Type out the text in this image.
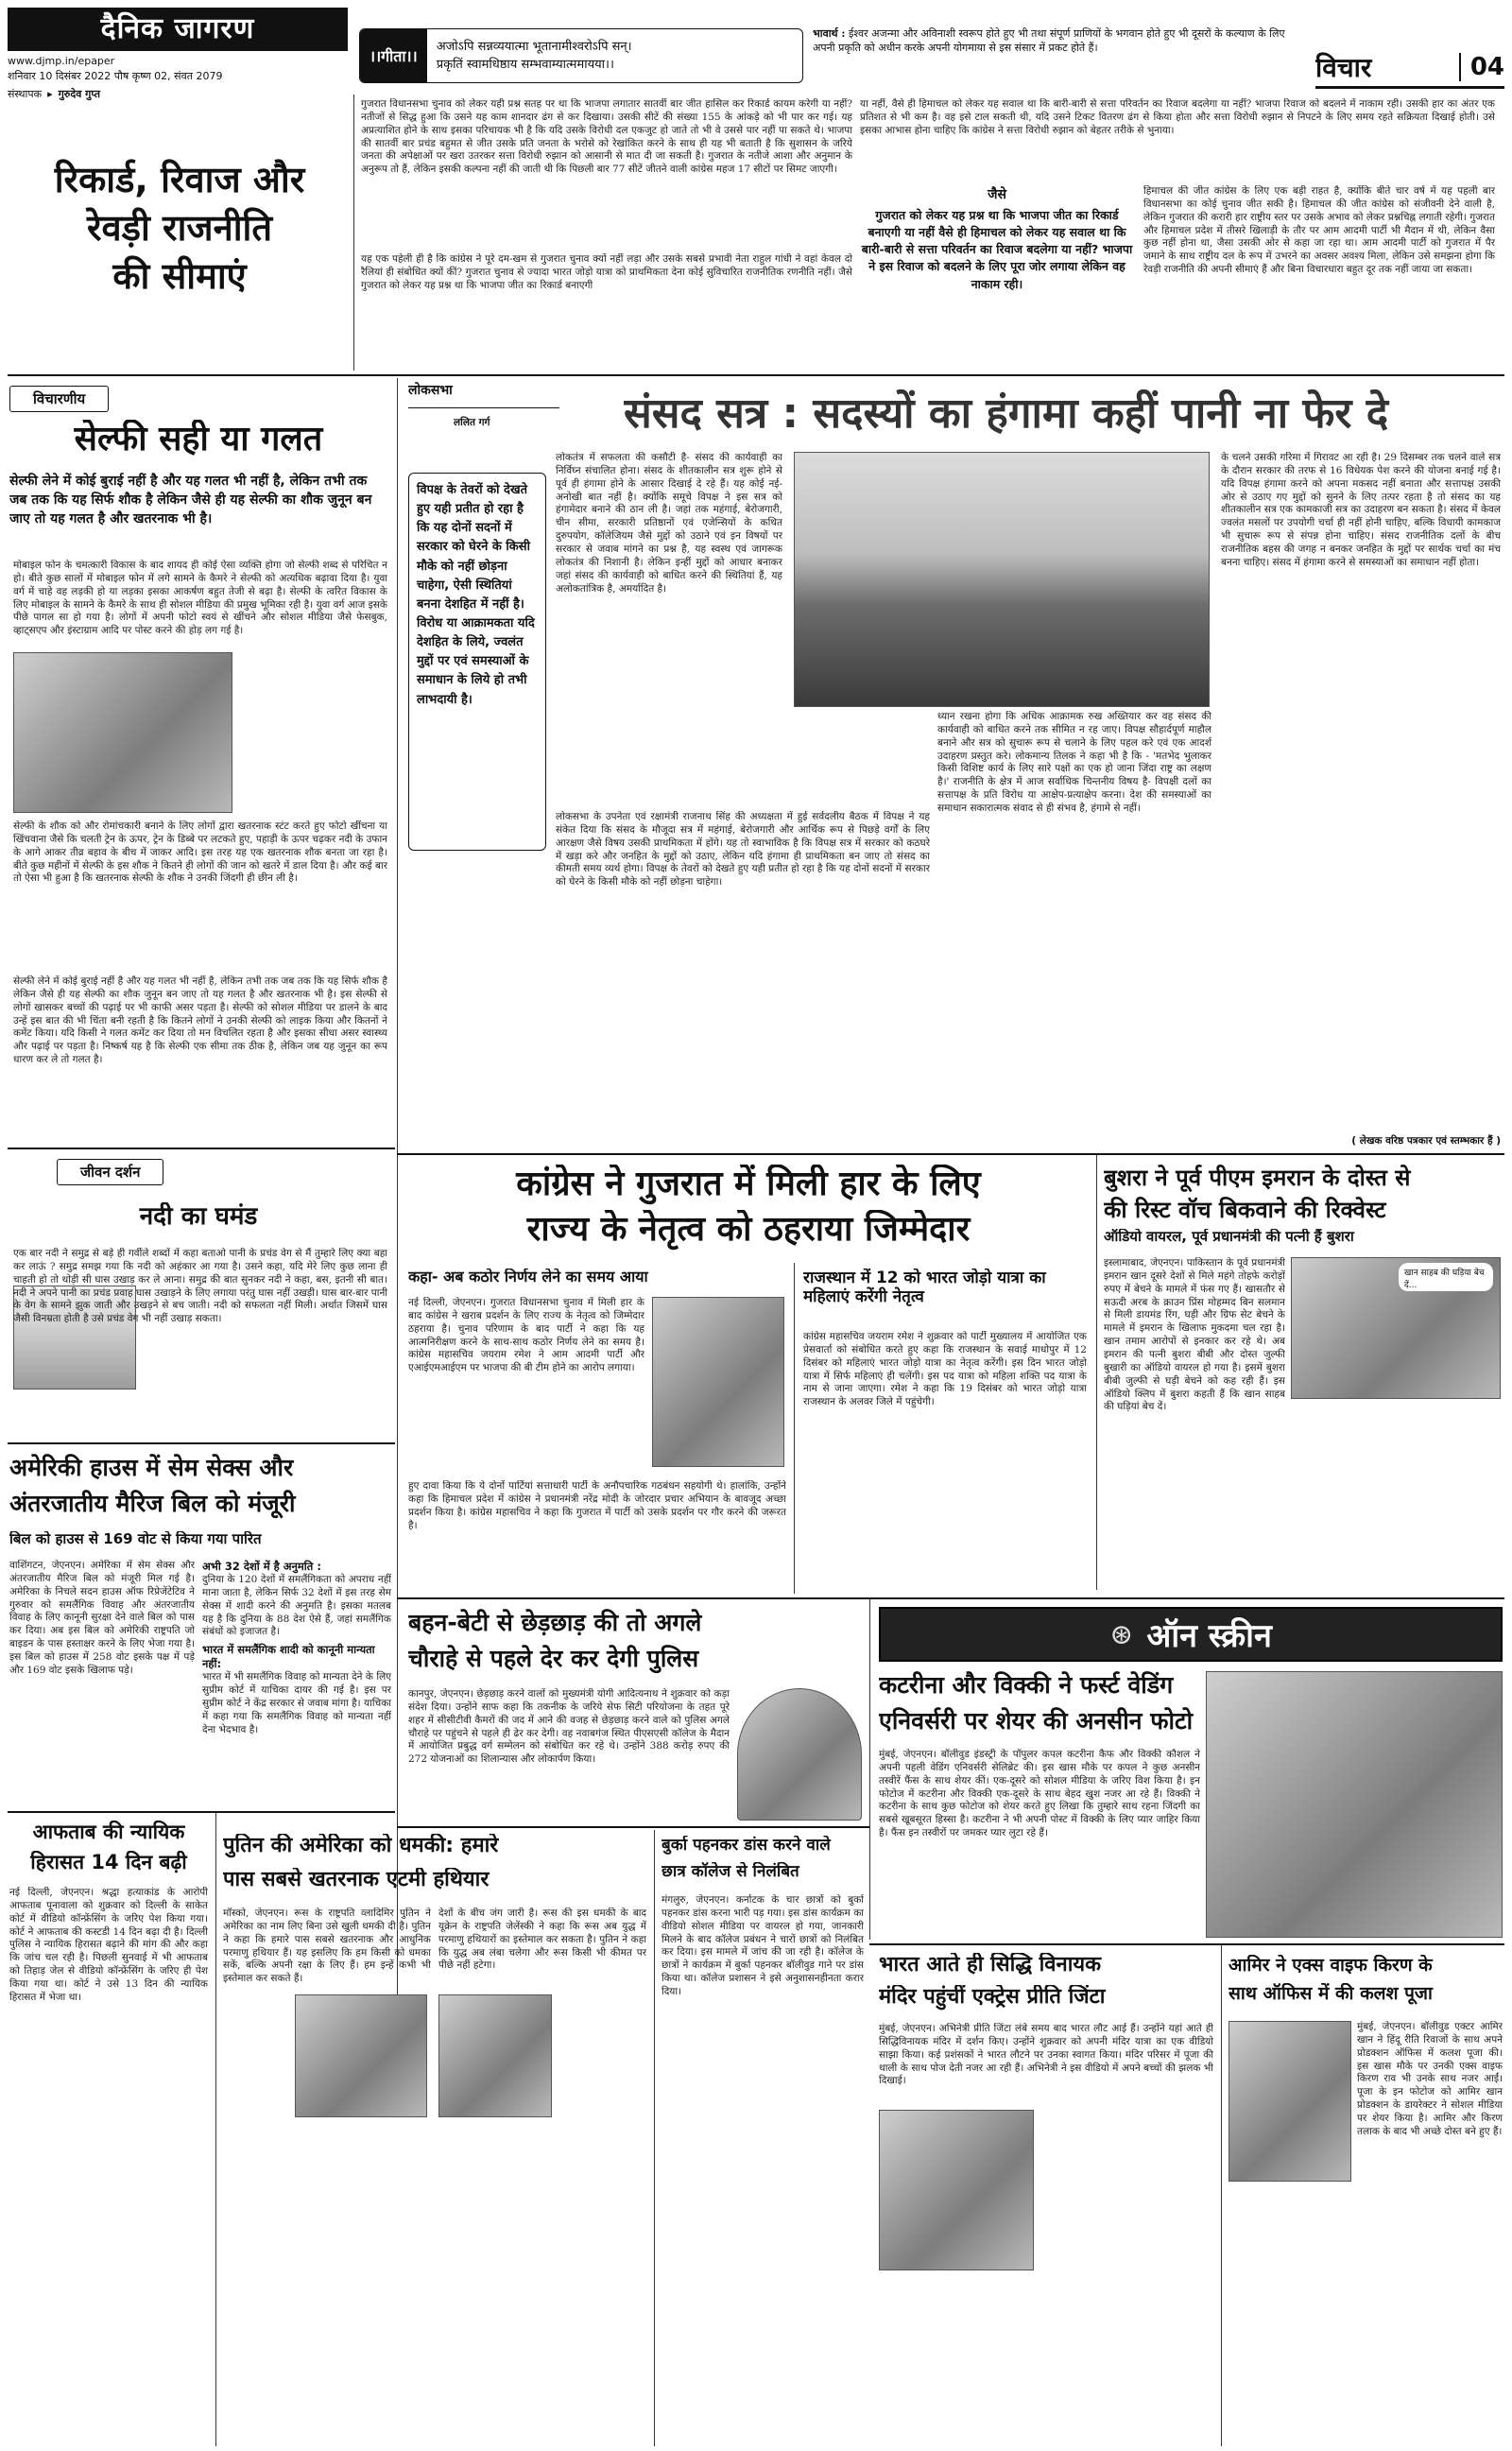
दैनिक जागरण
www.djmp.in/epaper
शनिवार 10 दिसंबर 2022 पौष कृष्ण 02, संवत 2079
संस्थापक ▸ गुरुदेव गुप्त
रिकार्ड, रिवाज और
रेवड़ी राजनीति
की सीमाएं
।।गीता।।
अजोऽपि सन्नव्ययात्मा भूतानामीश्वरोऽपि सन्।
प्रकृतिं स्वामधिष्ठाय सम्भवाम्यात्ममायया।।
भावार्थ : ईश्वर अजन्मा और अविनाशी स्वरूप होते हुए भी तथा संपूर्ण प्राणियों के भगवान होते हुए भी दूसरों के कल्याण के लिए अपनी प्रकृति को अधीन करके अपनी योगमाया से इस संसार में प्रकट होते हैं।
विचार	04
गुजरात विधानसभा चुनाव को लेकर यही प्रश्न सतह पर था कि भाजपा लगातार सातवीं बार जीत हासिल कर रिकार्ड कायम करेगी या नहीं? नतीजों से सिद्ध हुआ कि उसने यह काम शानदार ढंग से कर दिखाया। उसकी सीटें की संख्या 155 के आंकड़े को भी पार कर गई। यह अप्रत्याशित होने के साथ इसका परिचायक भी है कि यदि उसके विरोधी दल एकजुट हो जाते तो भी वे उससे पार नहीं पा सकते थे। भाजपा की सातवीं बार प्रचंड बहुमत से जीत उसके प्रति जनता के भरोसे को रेखांकित करने के साथ ही यह भी बताती है कि सुशासन के जरिये जनता की अपेक्षाओं पर खरा उतरकर सत्ता विरोधी रुझान को आसानी से मात दी जा सकती है। गुजरात के नतीजे आशा और अनुमान के अनुरूप तो हैं, लेकिन इसकी कल्पना नहीं की जाती थी कि पिछली बार 77 सीटें जीतने वाली कांग्रेस महज 17 सीटों पर सिमट जाएगी।
यह एक पहेली ही है कि कांग्रेस ने पूरे दम-खम से गुजरात चुनाव क्यों नहीं लड़ा और उसके सबसे प्रभावी नेता राहुल गांधी ने वहां केवल दो रैलियां ही संबोधित क्यों कीं? गुजरात चुनाव से ज्यादा भारत जोड़ो यात्रा को प्राथमिकता देना कोई सुविचारित राजनीतिक रणनीति नहीं। जैसे गुजरात को लेकर यह प्रश्न था कि भाजपा जीत का रिकार्ड बनाएगी
या नहीं, वैसे ही हिमाचल को लेकर यह सवाल था कि बारी-बारी से सत्ता परिवर्तन का रिवाज बदलेगा या नहीं? भाजपा रिवाज को बदलने में नाकाम रही। उसकी हार का अंतर एक प्रतिशत से भी कम है। वह इसे टाल सकती थी, यदि उसने टिकट वितरण ढंग से किया होता और सत्ता विरोधी रुझान से निपटने के लिए समय रहते सक्रियता दिखाई होती। उसे इसका आभास होना चाहिए कि कांग्रेस ने सत्ता विरोधी रुझान को बेहतर तरीके से भुनाया।
जैसे
गुजरात को लेकर यह प्रश्न था कि भाजपा जीत का रिकार्ड बनाएगी या नहीं वैसे ही हिमाचल को लेकर यह सवाल था कि बारी-बारी से सत्ता परिवर्तन का रिवाज बदलेगा या नहीं? भाजपा ने इस रिवाज को बदलने के लिए पूरा जोर लगाया लेकिन वह नाकाम रही।
हिमाचल की जीत कांग्रेस के लिए एक बड़ी राहत है, क्योंकि बीते चार वर्ष में यह पहली बार विधानसभा का कोई चुनाव जीत सकी है। हिमाचल की जीत कांग्रेस को संजीवनी देने वाली है, लेकिन गुजरात की करारी हार राष्ट्रीय स्तर पर उसके अभाव को लेकर प्रश्नचिह्न लगाती रहेगी। गुजरात और हिमाचल प्रदेश में तीसरे खिलाड़ी के तौर पर आम आदमी पार्टी भी मैदान में थी, लेकिन वैसा कुछ नहीं होना था, जैसा उसकी ओर से कहा जा रहा था। आम आदमी पार्टी को गुजरात में पैर जमाने के साथ राष्ट्रीय दल के रूप में उभरने का अवसर अवश्य मिला, लेकिन उसे समझना होगा कि रेवड़ी राजनीति की अपनी सीमाएं हैं और बिना विचारधारा बहुत दूर तक नहीं जाया जा सकता।
विचारणीय
सेल्फी सही या गलत
सेल्फी लेने में कोई बुराई नहीं है और यह गलत भी नहीं है, लेकिन तभी तक जब तक कि यह सिर्फ शौक है लेकिन जैसे ही यह सेल्फी का शौक जुनून बन जाए तो यह गलत है और खतरनाक भी है।
मोबाइल फोन के चमत्कारी विकास के बाद शायद ही कोई ऐसा व्यक्ति होगा जो सेल्फी शब्द से परिचित न हो। बीते कुछ सालों में मोबाइल फोन में लगे सामने के कैमरे ने सेल्फी को अत्यधिक बढ़ावा दिया है। युवा वर्ग में चाहे वह लड़की हो या लड़का इसका आकर्षण बहुत तेजी से बढ़ा है। सेल्फी के त्वरित विकास के लिए मोबाइल के सामने के कैमरे के साथ ही सोशल मीडिया की प्रमुख भूमिका रही है। युवा वर्ग आज इसके पीछे पागल सा हो गया है। लोगों में अपनी फोटो स्वयं से खींचने और सोशल मीडिया जैसे फेसबुक, व्हाट्सएप और इंस्टाग्राम आदि पर पोस्ट करने की होड़ लग गई है।
सेल्फी के शौक को और रोमांचकारी बनाने के लिए लोगों द्वारा खतरनाक स्टंट करते हुए फोटो खींचना या खिंचवाना जैसे कि चलती ट्रेन के ऊपर, ट्रेन के डिब्बे पर लटकते हुए, पहाड़ी के ऊपर चढ़कर नदी के उफान के आगे आकर तीव्र बहाव के बीच में जाकर आदि। इस तरह यह एक खतरनाक शौक बनता जा रहा है। बीते कुछ महीनों में सेल्फी के इस शौक ने कितने ही लोगों की जान को खतरे में डाल दिया है। और कई बार तो ऐसा भी हुआ है कि खतरनाक सेल्फी के शौक ने उनकी जिंदगी ही छीन ली है।
सेल्फी लेने में कोई बुराई नहीं है और यह गलत भी नहीं है, लेकिन तभी तक जब तक कि यह सिर्फ शौक है लेकिन जैसे ही यह सेल्फी का शौक जुनून बन जाए तो यह गलत है और खतरनाक भी है। इस सेल्फी से लोगों खासकर बच्चों की पढ़ाई पर भी काफी असर पड़ता है। सेल्फी को सोशल मीडिया पर डालने के बाद उन्हें इस बात की भी चिंता बनी रहती है कि कितने लोगों ने उनकी सेल्फी को लाइक किया और कितनों ने कमेंट किया। यदि किसी ने गलत कमेंट कर दिया तो मन विचलित रहता है और इसका सीधा असर स्वास्थ्य और पढ़ाई पर पड़ता है। निष्कर्ष यह है कि सेल्फी एक सीमा तक ठीक है, लेकिन जब यह जुनून का रूप धारण कर ले तो गलत है।
जीवन दर्शन
नदी का घमंड
एक बार नदी ने समुद्र से बड़े ही गर्वीले शब्दों में कहा बताओ पानी के प्रचंड वेग से मैं तुम्हारे लिए क्या बहा कर लाऊं ? समुद्र समझ गया कि नदी को अहंकार आ गया है। उसने कहा, यदि मेरे लिए कुछ लाना ही चाहती हो तो थोड़ी सी घास उखाड़ कर ले आना। समुद्र की बात सुनकर नदी ने कहा, बस, इतनी सी बात। नदी ने अपने पानी का प्रचंड प्रवाह घास उखाड़ने के लिए लगाया परंतु घास नहीं उखड़ी। घास बार-बार पानी के वेग के सामने झुक जाती और उखड़ने से बच जाती। नदी को सफलता नहीं मिली। अर्थात जिसमें घास जैसी विनम्रता होती है उसे प्रचंड वेग भी नहीं उखाड़ सकता।
लोकसभा
ललित गर्ग	संसद सत्र : सदस्यों का हंगामा कहीं पानी ना फेर दे
विपक्ष के तेवरों को देखते हुए यही प्रतीत हो रहा है कि यह दोनों सदनों में सरकार को घेरने के किसी मौके को नहीं छोड़ना चाहेगा, ऐसी स्थितियां बनना देशहित में नहीं है। विरोध या आक्रामकता यदि देशहित के लिये, ज्वलंत मुद्दों पर एवं समस्याओं के समाधान के लिये हो तभी लाभदायी है।
लोकतंत्र में सफलता की कसौटी है- संसद की कार्यवाही का निर्विघ्न संचालित होना। संसद के शीतकालीन सत्र शुरू होने से पूर्व ही हंगामा होने के आसार दिखाई दे रहे हैं। यह कोई नई-अनोखी बात नहीं है। क्योंकि समूचे विपक्ष ने इस सत्र को हंगामेदार बनाने की ठान ली है। जहां तक महंगाई, बेरोजगारी, चीन सीमा, सरकारी प्रतिष्ठानों एवं एजेन्सियों के कथित दुरुपयोग, कॉलेजियम जैसे मुद्दों को उठाने एवं इन विषयों पर सरकार से जवाब मांगने का प्रश्न है, यह स्वस्थ एवं जागरूक लोकतंत्र की निशानी है। लेकिन इन्हीं मुद्दों को आधार बनाकर जहां संसद की कार्यवाही को बाधित करने की स्थितियां हैं, यह अलोकतांत्रिक है, अमर्यादित है।
लोकसभा के उपनेता एवं रक्षामंत्री राजनाथ सिंह की अध्यक्षता में हुई सर्वदलीय बैठक में विपक्ष ने यह संकेत दिया कि संसद के मौजूदा सत्र में महंगाई, बेरोजगारी और आर्थिक रूप से पिछड़े वर्गों के लिए आरक्षण जैसे विषय उसकी प्राथमिकता में होंगे। यह तो स्वाभाविक है कि विपक्ष सत्र में सरकार को कठघरे में खड़ा करे और जनहित के मुद्दों को उठाए, लेकिन यदि हंगामा ही प्राथमिकता बन जाए तो संसद का कीमती समय व्यर्थ होगा। विपक्ष के तेवरों को देखते हुए यही प्रतीत हो रहा है कि यह दोनों सदनों में सरकार को घेरने के किसी मौके को नहीं छोड़ना चाहेगा।
ध्यान रखना होगा कि अधिक आक्रामक रुख अख्तियार कर वह संसद की कार्यवाही को बाधित करने तक सीमित न रह जाए। विपक्ष सौहार्दपूर्ण माहौल बनाने और सत्र को सुचारू रूप से चलाने के लिए पहल करे एवं एक आदर्श उदाहरण प्रस्तुत करे। लोकमान्य तिलक ने कहा भी है कि - 'मतभेद भुलाकर किसी विशिष्ट कार्य के लिए सारे पक्षों का एक हो जाना जिंदा राष्ट्र का लक्षण है।' राजनीति के क्षेत्र में आज सर्वाधिक चिन्तनीय विषय है- विपक्षी दलों का सत्तापक्ष के प्रति विरोध या आक्षेप-प्रत्याक्षेप करना। देश की समस्याओं का समाधान सकारात्मक संवाद से ही संभव है, हंगामे से नहीं।
के चलने उसकी गरिमा में गिरावट आ रही है। 29 दिसम्बर तक चलने वाले सत्र के दौरान सरकार की तरफ से 16 विधेयक पेश करने की योजना बनाई गई है। यदि विपक्ष हंगामा करने को अपना मकसद नहीं बनाता और सत्तापक्ष उसकी ओर से उठाए गए मुद्दों को सुनने के लिए तत्पर रहता है तो संसद का यह शीतकालीन सत्र एक कामकाजी सत्र का उदाहरण बन सकता है। संसद में केवल ज्वलंत मसलों पर उपयोगी चर्चा ही नहीं होनी चाहिए, बल्कि विधायी कामकाज भी सुचारू रूप से संपन्न होना चाहिए। संसद राजनीतिक दलों के बीच राजनीतिक बहस की जगह न बनकर जनहित के मुद्दों पर सार्थक चर्चा का मंच बनना चाहिए। संसद में हंगामा करने से समस्याओं का समाधान नहीं होता।
( लेखक वरिष्ठ पत्रकार एवं स्तम्भकार हैं )
कांग्रेस ने गुजरात में मिली हार के लिए
राज्य के नेतृत्व को ठहराया जिम्मेदार
कहा- अब कठोर निर्णय लेने का समय आया
नई दिल्ली, जेएनएन। गुजरात विधानसभा चुनाव में मिली हार के बाद कांग्रेस ने खराब प्रदर्शन के लिए राज्य के नेतृत्व को जिम्मेदार ठहराया है। चुनाव परिणाम के बाद पार्टी ने कहा कि यह आत्मनिरीक्षण करने के साथ-साथ कठोर निर्णय लेने का समय है। कांग्रेस महासचिव जयराम रमेश ने आम आदमी पार्टी और एआईएमआईएम पर भाजपा की बी टीम होने का आरोप लगाया।
हुए दावा किया कि ये दोनों पार्टियां सत्ताधारी पार्टी के अनौपचारिक गठबंधन सहयोगी थे। हालांकि, उन्होंने कहा कि हिमाचल प्रदेश में कांग्रेस ने प्रधानमंत्री नरेंद्र मोदी के जोरदार प्रचार अभियान के बावजूद अच्छा प्रदर्शन किया है। कांग्रेस महासचिव ने कहा कि गुजरात में पार्टी को उसके प्रदर्शन पर गौर करने की जरूरत है।
राजस्थान में 12 को भारत जोड़ो यात्रा का महिलाएं करेंगी नेतृत्व
कांग्रेस महासचिव जयराम रमेश ने शुक्रवार को पार्टी मुख्यालय में आयोजित एक प्रेसवार्ता को संबोधित करते हुए कहा कि राजस्थान के सवाई माधोपुर में 12 दिसंबर को महिलाएं भारत जोड़ो यात्रा का नेतृत्व करेंगी। इस दिन भारत जोड़ो यात्रा में सिर्फ महिलाएं ही चलेंगी। इस पद यात्रा को महिला शक्ति पद यात्रा के नाम से जाना जाएगा। रमेश ने कहा कि 19 दिसंबर को भारत जोड़ो यात्रा राजस्थान के अलवर जिले में पहुंचेगी।
बुशरा ने पूर्व पीएम इमरान के दोस्त से
की रिस्ट वॉच बिकवाने की रिक्वेस्ट
ऑडियो वायरल, पूर्व प्रधानमंत्री की पत्नी हैं बुशरा
खान साहब की घड़िया बेच दें...
इस्लामाबाद, जेएनएन। पाकिस्तान के पूर्व प्रधानमंत्री इमरान खान दूसरे देशों से मिले महंगे तोहफे करोड़ों रुपए में बेचने के मामले में फंस गए हैं। खासतौर से सऊदी अरब के क्राउन प्रिंस मोहम्मद बिन सलमान से मिली डायमंड रिंग, घड़ी और ग्रिफ सेट बेचने के मामले में इमरान के खिलाफ मुकदमा चल रहा है। खान तमाम आरोपों से इनकार कर रहे थे। अब इमरान की पत्नी बुशरा बीबी और दोस्त जुल्फी बुखारी का ऑडियो वायरल हो गया है। इसमें बुशरा बीबी जुल्फी से घड़ी बेचने को कह रही हैं। इस ऑडियो क्लिप में बुशरा कहती हैं कि खान साहब की घड़ियां बेच दें।
अमेरिकी हाउस में सेम सेक्स और
अंतरजातीय मैरिज बिल को मंजूरी
बिल को हाउस से 169 वोट से किया गया पारित
वाशिंगटन, जेएनएन। अमेरिका में सेम सेक्स और अंतरजातीय मैरिज बिल को मंजूरी मिल गई है। अमेरिका के निचले सदन हाउस ऑफ रिप्रेजेंटेटिव ने गुरुवार को समलैंगिक विवाह और अंतरजातीय विवाह के लिए कानूनी सुरक्षा देने वाले बिल को पास कर दिया। अब इस बिल को अमेरिकी राष्ट्रपति जो बाइडन के पास हस्ताक्षर करने के लिए भेजा गया है। इस बिल को हाउस में 258 वोट इसके पक्ष में पड़े और 169 वोट इसके खिलाफ पड़े।
अभी 32 देशों में है अनुमति :
दुनिया के 120 देशों में समलैंगिकता को अपराध नहीं माना जाता है, लेकिन सिर्फ 32 देशों में इस तरह सेम सेक्स में शादी करने की अनुमति है। इसका मतलब यह है कि दुनिया के 88 देश ऐसे हैं, जहां समलैंगिक संबंधों को इजाजत है।
भारत में समलैंगिक शादी को कानूनी मान्यता नहीं:
भारत में भी समलैंगिक विवाह को मान्यता देने के लिए सुप्रीम कोर्ट में याचिका दायर की गई है। इस पर सुप्रीम कोर्ट ने केंद्र सरकार से जवाब मांगा है। याचिका में कहा गया कि समलैंगिक विवाह को मान्यता नहीं देना भेदभाव है।
बहन-बेटी से छेड़छाड़ की तो अगले
चौराहे से पहले देर कर देगी पुलिस
कानपुर, जेएनएन। छेड़छाड़ करने वालों को मुख्यमंत्री योगी आदित्यनाथ ने शुक्रवार को कड़ा संदेश दिया। उन्होंने साफ कहा कि तकनीक के जरिये सेफ सिटी परियोजना के तहत पूरे शहर में सीसीटीवी कैमरों की जद में आने की वजह से छेड़छाड़ करने वाले को पुलिस अगले चौराहे पर पहुंचने से पहले ही ढेर कर देगी। वह नवाबगंज स्थित पीएसएसी कॉलेज के मैदान में आयोजित प्रबुद्ध वर्ग सम्मेलन को संबोधित कर रहे थे। उन्होंने 388 करोड़ रुपए की 272 योजनाओं का शिलान्यास और लोकार्पण किया।
⊛ ऑन स्क्रीन
कटरीना और विक्की ने फर्स्ट वेडिंग
एनिवर्सरी पर शेयर की अनसीन फोटो
मुंबई, जेएनएन। बॉलीवुड इंडस्ट्री के पॉपुलर कपल कटरीना कैफ और विक्की कौशल ने अपनी पहली वेडिंग एनिवर्सरी सेलिब्रेट की। इस खास मौके पर कपल ने कुछ अनसीन तस्वीरें फैंस के साथ शेयर कीं। एक-दूसरे को सोशल मीडिया के जरिए विश किया है। इन फोटोज में कटरीना और विक्की एक-दूसरे के साथ बेहद खुश नजर आ रहे हैं। विक्की ने कटरीना के साथ कुछ फोटोज को शेयर करते हुए लिखा कि तुम्हारे साथ रहना जिंदगी का सबसे खूबसूरत हिस्सा है। कटरीना ने भी अपनी पोस्ट में विक्की के लिए प्यार जाहिर किया है। फैंस इन तस्वीरों पर जमकर प्यार लुटा रहे हैं।
आफताब की न्यायिक
हिरासत 14 दिन बढ़ी
नई दिल्ली, जेएनएन। श्रद्धा हत्याकांड के आरोपी आफताब पूनावाला को शुक्रवार को दिल्ली के साकेत कोर्ट में वीडियो कॉन्फ्रेंसिंग के जरिए पेश किया गया। कोर्ट ने आफताब की कस्टडी 14 दिन बढ़ा दी है। दिल्ली पुलिस ने न्यायिक हिरासत बढ़ाने की मांग की और कहा कि जांच चल रही है। पिछली सुनवाई में भी आफताब को तिहाड़ जेल से वीडियो कॉन्फ्रेंसिंग के जरिए ही पेश किया गया था। कोर्ट ने उसे 13 दिन की न्यायिक हिरासत में भेजा था।
पुतिन की अमेरिका को धमकी: हमारे
पास सबसे खतरनाक एटमी हथियार
मॉस्को, जेएनएन। रूस के राष्ट्रपति व्लादिमिर पुतिन ने अमेरिका का नाम लिए बिना उसे खुली धमकी दी है। पुतिन ने कहा कि हमारे पास सबसे खतरनाक और आधुनिक परमाणु हथियार हैं। यह इसलिए कि हम किसी को धमका सकें, बल्कि अपनी रक्षा के लिए हैं। हम इन्हें कभी भी इस्तेमाल कर सकते हैं।
देशों के बीच जंग जारी है। रूस की इस धमकी के बाद यूक्रेन के राष्ट्रपति जेलेंस्की ने कहा कि रूस अब युद्ध में परमाणु हथियारों का इस्तेमाल कर सकता है। पुतिन ने कहा कि युद्ध अब लंबा चलेगा और रूस किसी भी कीमत पर पीछे नहीं हटेगा।
बुर्का पहनकर डांस करने वाले
छात्र कॉलेज से निलंबित
मंगलुरु, जेएनएन। कर्नाटक के चार छात्रों को बुर्का पहनकर डांस करना भारी पड़ गया। इस डांस कार्यक्रम का वीडियो सोशल मीडिया पर वायरल हो गया, जानकारी मिलने के बाद कॉलेज प्रबंधन ने चारों छात्रों को निलंबित कर दिया। इस मामले में जांच की जा रही है। कॉलेज के छात्रों ने कार्यक्रम में बुर्का पहनकर बॉलीवुड गाने पर डांस किया था। कॉलेज प्रशासन ने इसे अनुशासनहीनता करार दिया।
भारत आते ही सिद्धि विनायक
मंदिर पहुंचीं एक्ट्रेस प्रीति जिंटा
मुंबई, जेएनएन। अभिनेत्री प्रीति जिंटा लंबे समय बाद भारत लौट आई हैं। उन्होंने यहां आते ही सिद्धिविनायक मंदिर में दर्शन किए। उन्होंने शुक्रवार को अपनी मंदिर यात्रा का एक वीडियो साझा किया। कई प्रशंसकों ने भारत लौटने पर उनका स्वागत किया। मंदिर परिसर में पूजा की थाली के साथ पोज देती नजर आ रही हैं। अभिनेत्री ने इस वीडियो में अपने बच्चों की झलक भी दिखाई।
आमिर ने एक्स वाइफ किरण के
साथ ऑफिस में की कलश पूजा
मुंबई, जेएनएन। बॉलीवुड एक्टर आमिर खान ने हिंदू रीति रिवाजों के साथ अपने प्रोडक्शन ऑफिस में कलश पूजा की। इस खास मौके पर उनकी एक्स वाइफ किरण राव भी उनके साथ नजर आईं। पूजा के इन फोटोज को आमिर खान प्रोडक्शन के डायरेक्टर ने सोशल मीडिया पर शेयर किया है। आमिर और किरण तलाक के बाद भी अच्छे दोस्त बने हुए हैं।
